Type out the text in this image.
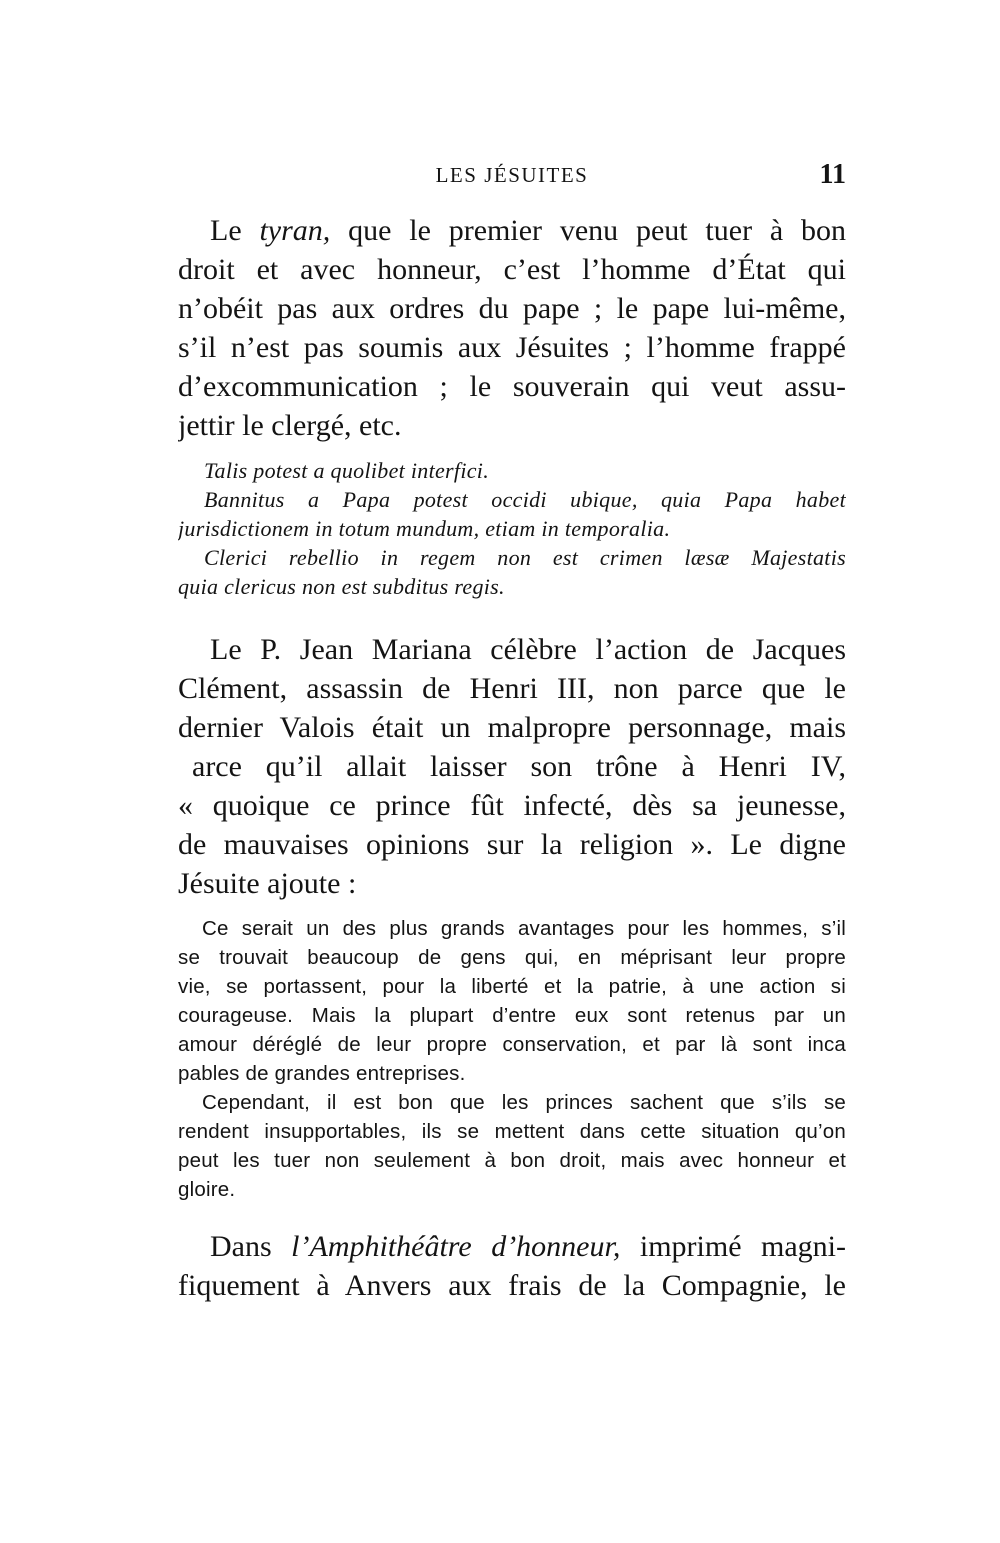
LES JÉSUITES	11
Le tyran, que le premier venu peut tuer à bon
droit et avec honneur, c’est l’homme d’État qui
n’obéit pas aux ordres du pape ; le pape lui-même,
s’il n’est pas soumis aux Jésuites ; l’homme frappé
d’excommunication ; le souverain qui veut assu-
jettir le clergé, etc.
Talis potest a quolibet interfici.
Bannitus a Papa potest occidi ubique, quia Papa habet
jurisdictionem in totum mundum, etiam in temporalia.
Clerici rebellio in regem non est crimen læsæ Majestatis
quia clericus non est subditus regis.
Le P. Jean Mariana célèbre l’action de Jacques
Clément, assassin de Henri III, non parce que le
dernier Valois était un malpropre personnage, mais
arce qu’il allait laisser son trône à Henri IV,
« quoique ce prince fût infecté, dès sa jeunesse,
de mauvaises opinions sur la religion ». Le digne
Jésuite ajoute :
Ce serait un des plus grands avantages pour les hommes, s’il
se trouvait beaucoup de gens qui, en méprisant leur propre
vie, se portassent, pour la liberté et la patrie, à une action si
courageuse. Mais la plupart d’entre eux sont retenus par un
amour déréglé de leur propre conservation, et par là sont inca
pables de grandes entreprises.
Cependant, il est bon que les princes sachent que s’ils se
rendent insupportables, ils se mettent dans cette situation qu’on
peut les tuer non seulement à bon droit, mais avec honneur et
gloire.
Dans l’Amphithéâtre d’honneur, imprimé magni-
fiquement à Anvers aux frais de la Compagnie, le
